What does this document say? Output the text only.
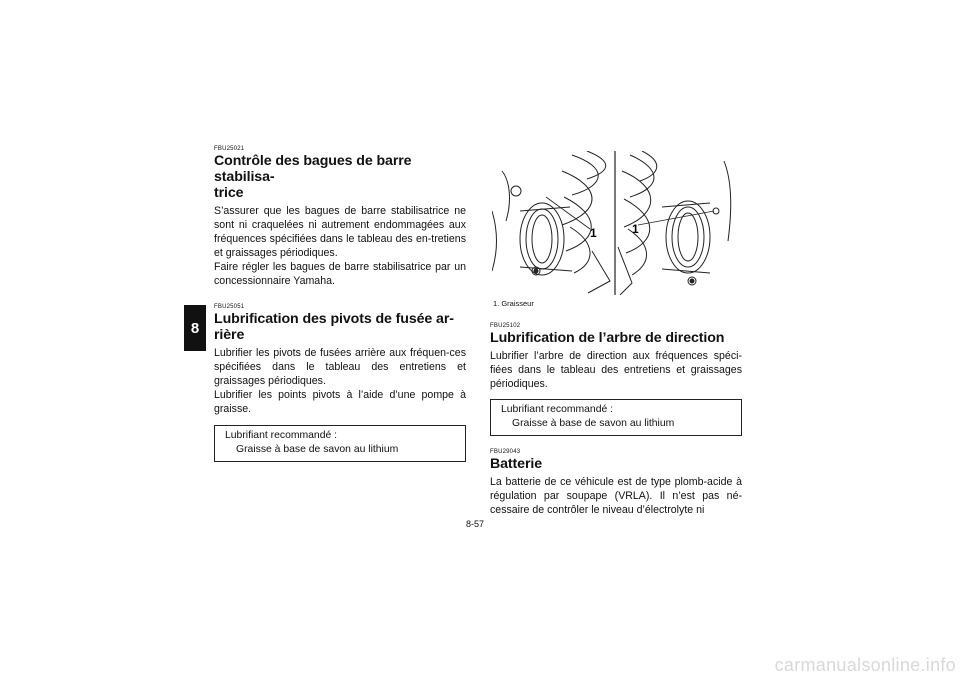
8
FBU25021
Contrôle des bagues de barre stabilisa-
trice

S’assurer que les bagues de barre stabilisatrice ne sont ni craquelées ni autrement endommagées aux fréquences spécifiées dans le tableau des en-tretiens et graissages périodiques.

Faire régler les bagues de barre stabilisatrice par un concessionnaire Yamaha.

FBU25051
Lubrification des pivots de fusée ar-
rière

Lubrifier les pivots de fusées arrière aux fréquen-ces spécifiées dans le tableau des entretiens et graissages périodiques.

Lubrifier les points pivots à l’aide d’une pompe à graisse.

Lubrifiant recommandé :
Graisse à base de savon au lithium
1	1
1. Graisseur
FBU25102
Lubrification de l’arbre de direction

Lubrifier l’arbre de direction aux fréquences spéci-fiées dans le tableau des entretiens et graissages périodiques.

Lubrifiant recommandé :
Graisse à base de savon au lithium
FBU29043
Batterie

La batterie de ce véhicule est de type plomb-acide à régulation par soupape (VRLA). Il n’est pas né-cessaire de contrôler le niveau d’électrolyte ni

8-57
carmanualsonline.info
